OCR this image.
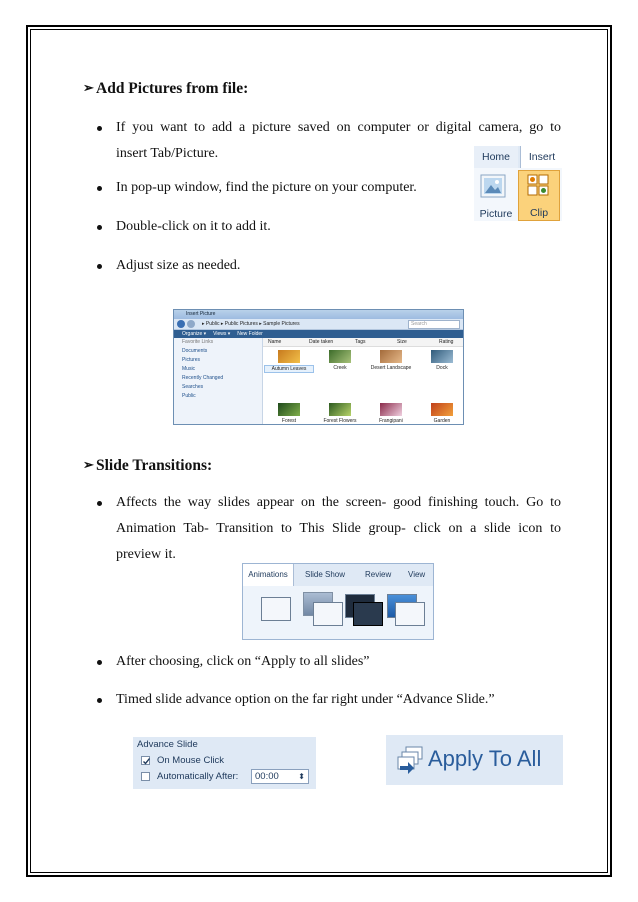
➢ Add Pictures from file:
If you want to add a picture saved on computer or digital camera, go to
insert Tab/Picture.
In pop-up window, find the picture on your computer.
Double-click on it to add it.
Adjust size as needed.
Home	Insert
Picture	Clip
Insert Picture
▸ Public ▸ Public Pictures ▸ Sample Pictures	Search
Organize ▾ Views ▾ New Folder
Favorite Links
Documents
Pictures
Music
Recently Changed
Searches
Public
Name	Date taken	Tags	Size	Rating
Autumn Leaves	Creek	Desert Landscape	Dock
Forest	Forest Flowers	Frangipani	Garden
➢ Slide Transitions:
Affects the way slides appear on the screen- good finishing touch. Go to
Animation Tab- Transition to This Slide group- click on a slide icon to
preview it.
Animations	Slide Show Review View
After choosing, click on “Apply to all slides”
Timed slide advance option on the far right under “Advance Slide.”
Advance Slide
On Mouse Click
Automatically After:	00:00 ⬍
Apply To All
